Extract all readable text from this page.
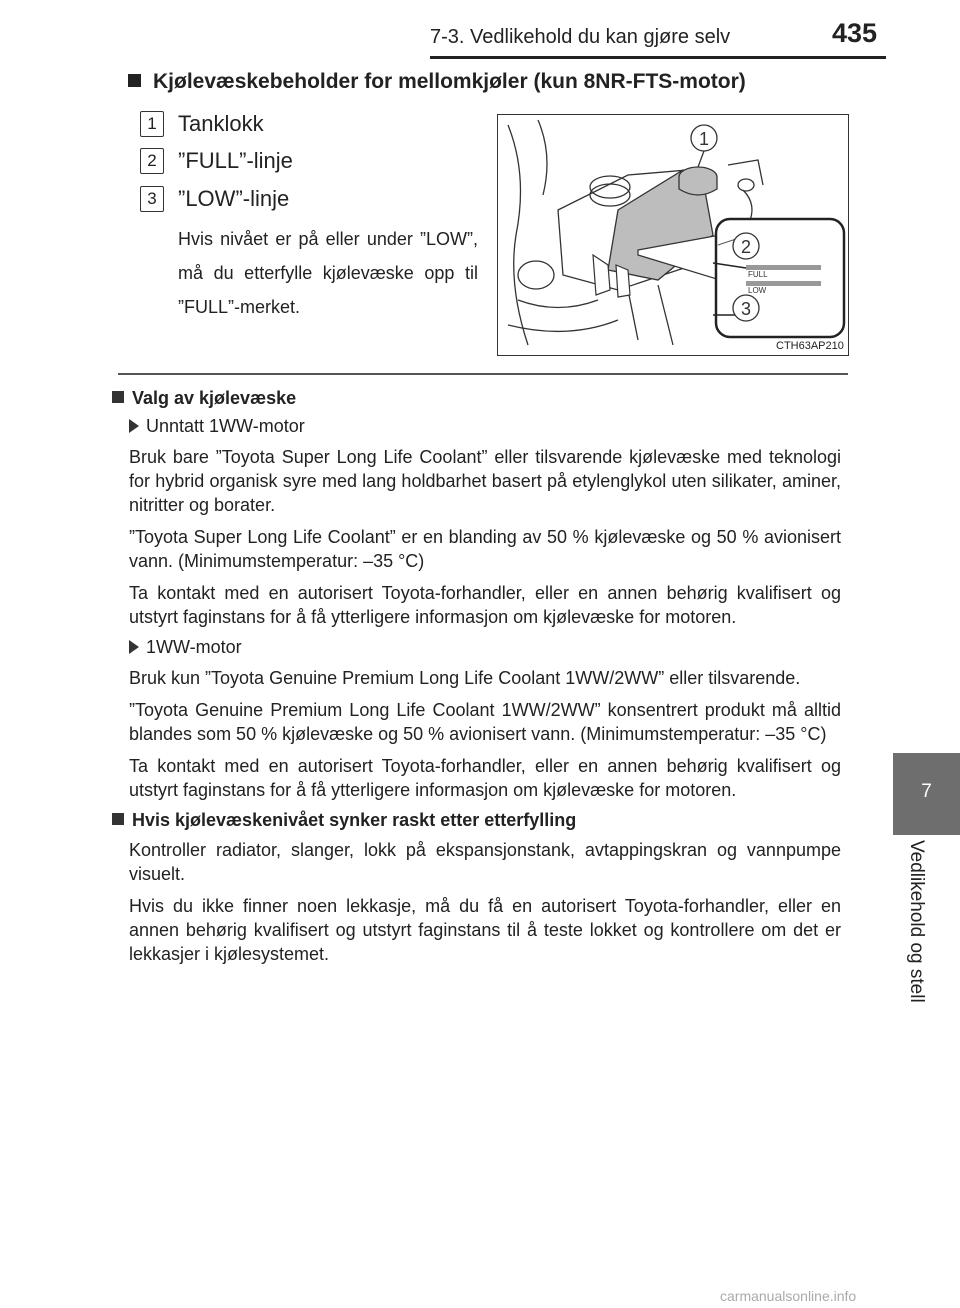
7-3. Vedlikehold du kan gjøre selv	435
7
Vedlikehold og stell
Kjølevæskebeholder for mellomkjøler (kun 8NR-FTS-motor)
1 Tanklokk
2 ”FULL”-linje
3 ”LOW”-linje
Hvis nivået er på eller under ”LOW”, må du etterfylle kjølevæske opp til ”FULL”-merket.
FULL
LOW
1
2
3
CTH63AP210
Valg av kjølevæske
Unntatt 1WW-motor

Bruk bare ”Toyota Super Long Life Coolant” eller tilsvarende kjølevæske med teknologi for hybrid organisk syre med lang holdbarhet basert på etylenglykol uten silikater, aminer, nitritter og borater.

”Toyota Super Long Life Coolant” er en blanding av 50 % kjølevæske og 50 % avionisert vann. (Minimumstemperatur: –35 °C)

Ta kontakt med en autorisert Toyota-forhandler, eller en annen behørig kvalifisert og utstyrt faginstans for å få ytterligere informasjon om kjølevæske for motoren.

1WW-motor

Bruk kun ”Toyota Genuine Premium Long Life Coolant 1WW/2WW” eller tilsvarende.

”Toyota Genuine Premium Long Life Coolant 1WW/2WW” konsentrert produkt må alltid blandes som 50 % kjølevæske og 50 % avionisert vann. (Minimumstemperatur: –35 °C)

Ta kontakt med en autorisert Toyota-forhandler, eller en annen behørig kvalifisert og utstyrt faginstans for å få ytterligere informasjon om kjølevæske for motoren.

Hvis kjølevæskenivået synker raskt etter etterfylling

Kontroller radiator, slanger, lokk på ekspansjonstank, avtappingskran og vannpumpe visuelt.

Hvis du ikke finner noen lekkasje, må du få en autorisert Toyota-forhandler, eller en annen behørig kvalifisert og utstyrt faginstans til å teste lokket og kontrollere om det er lekkasjer i kjølesystemet.

carmanualsonline.info
